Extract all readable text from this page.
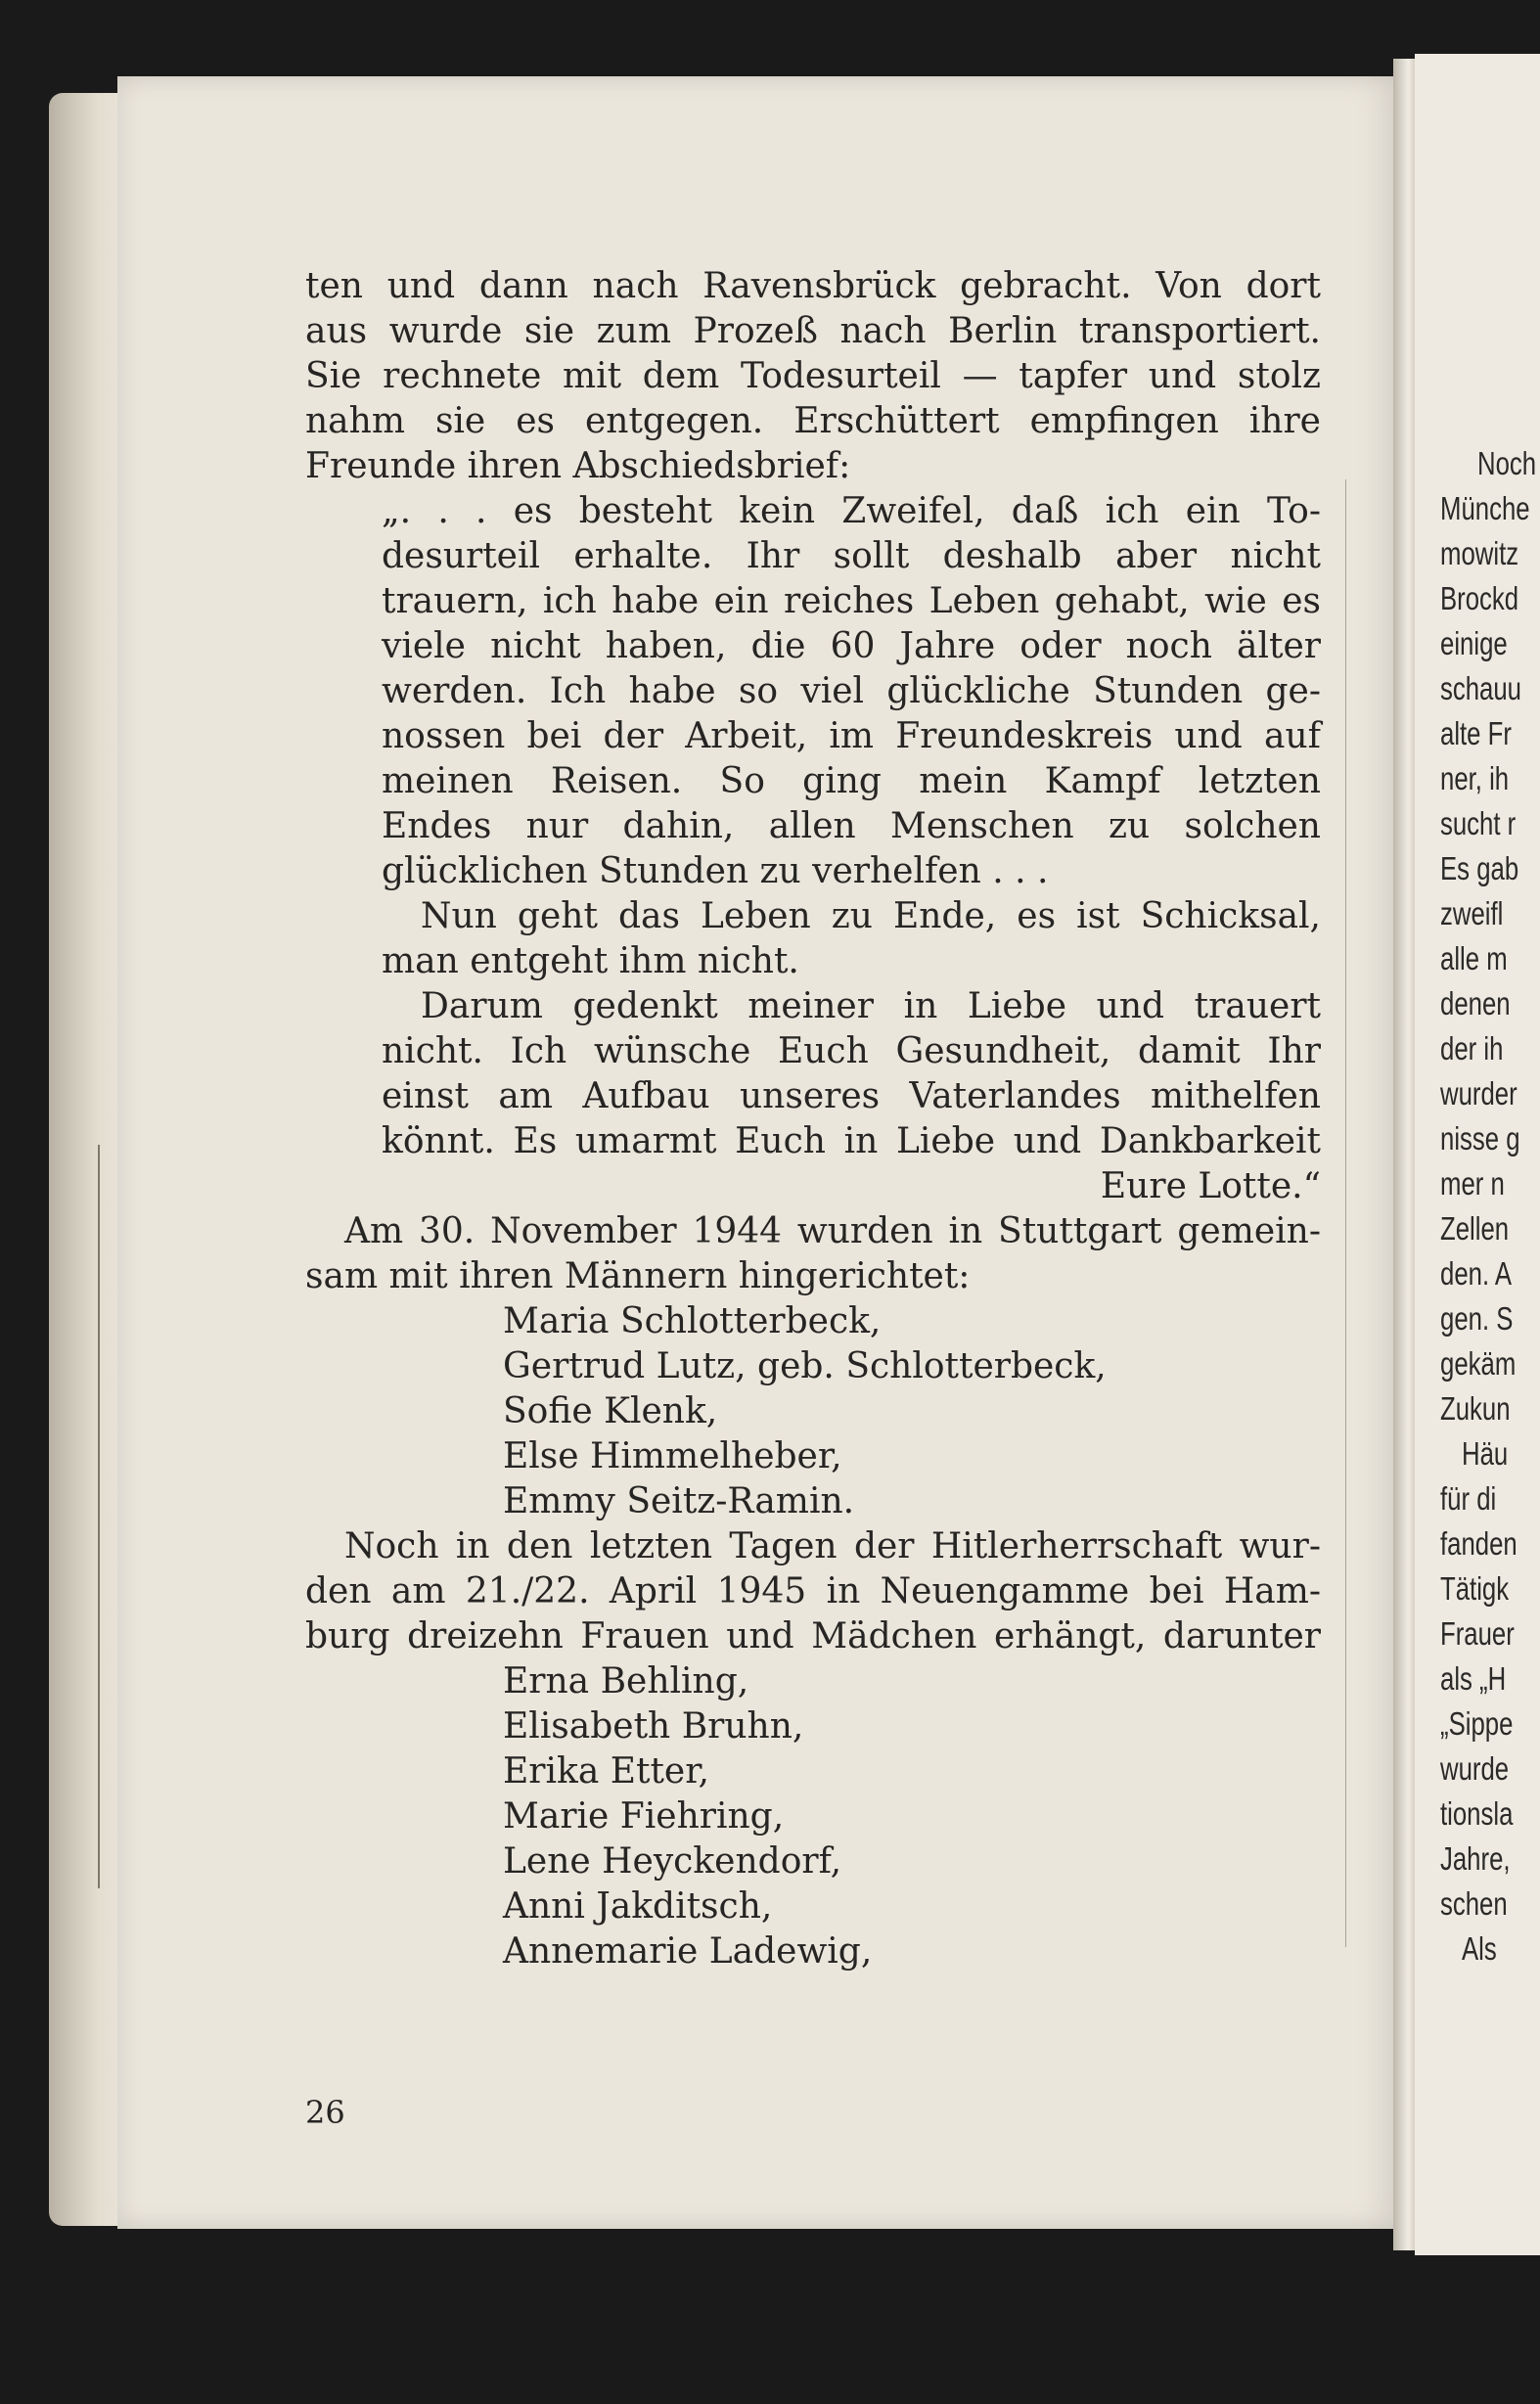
Noch
Münche
mowitz
Brockd
einige
schauu
alte Fr
ner, ih
sucht r
Es gab
zweifl
alle m
denen
der ih
wurder
nisse g
mer n
Zellen
den. A
gen. S
gekäm
Zukun
Häu
für di
fanden
Tätigk
Frauer
als „H
„Sippe
wurde
tionsla
Jahre,
schen
Als
ten und dann nach Ravensbrück gebracht. Von dort
aus wurde sie zum Prozeß nach Berlin transportiert.
Sie rechnete mit dem Todesurteil — tapfer und stolz
nahm sie es entgegen. Erschüttert empfingen ihre
Freunde ihren Abschiedsbrief:
„. . . es besteht kein Zweifel, daß ich ein To-
desurteil erhalte. Ihr sollt deshalb aber nicht
trauern, ich habe ein reiches Leben gehabt, wie es
viele nicht haben, die 60 Jahre oder noch älter
werden. Ich habe so viel glückliche Stunden ge-
nossen bei der Arbeit, im Freundeskreis und auf
meinen Reisen. So ging mein Kampf letzten
Endes nur dahin, allen Menschen zu solchen
glücklichen Stunden zu verhelfen . . .
Nun geht das Leben zu Ende, es ist Schicksal,
man entgeht ihm nicht.
Darum gedenkt meiner in Liebe und trauert
nicht. Ich wünsche Euch Gesundheit, damit Ihr
einst am Aufbau unseres Vaterlandes mithelfen
könnt. Es umarmt Euch in Liebe und Dankbarkeit
Eure Lotte.“
Am 30. November 1944 wurden in Stuttgart gemein-
sam mit ihren Männern hingerichtet:
Maria Schlotterbeck,
Gertrud Lutz, geb. Schlotterbeck,
Sofie Klenk,
Else Himmelheber,
Emmy Seitz-Ramin.
Noch in den letzten Tagen der Hitlerherrschaft wur-
den am 21./22. April 1945 in Neuengamme bei Ham-
burg dreizehn Frauen und Mädchen erhängt, darunter
Erna Behling,
Elisabeth Bruhn,
Erika Etter,
Marie Fiehring,
Lene Heyckendorf,
Anni Jakditsch,
Annemarie Ladewig,
26
